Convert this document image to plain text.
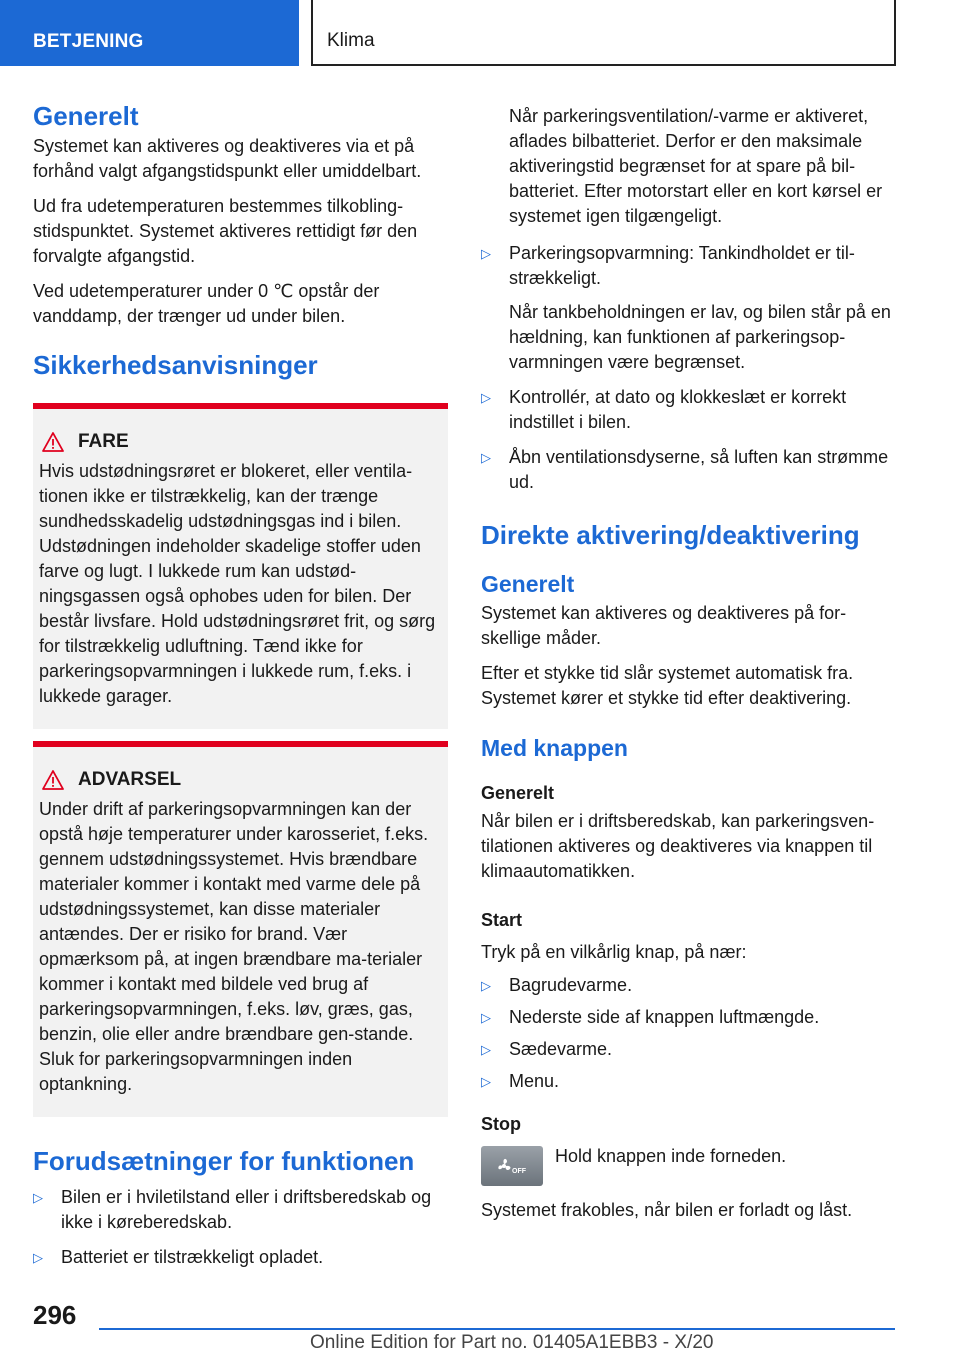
BETJENING	Klima
Generelt

Systemet kan aktiveres og deaktiveres via et på forhånd valgt afgangstidspunkt eller umiddelbart.

Ud fra udetemperaturen bestemmes tilkobling-stidspunktet. Systemet aktiveres rettidigt før den forvalgte afgangstid.

Ved udetemperaturer under 0 ℃ opstår der vanddamp, der trænger ud under bilen.

Sikkerhedsanvisninger
FARE
Hvis udstødningsrøret er blokeret, eller ventila-tionen ikke er tilstrækkelig, kan der trænge sundhedsskadelig udstødningsgas ind i bilen. Udstødningen indeholder skadelige stoffer uden farve og lugt. I lukkede rum kan udstød-ningsgassen også ophobes uden for bilen. Der består livsfare. Hold udstødningsrøret frit, og sørg for tilstrækkelig udluftning. Tænd ikke for parkeringsopvarmningen i lukkede rum, f.eks. i lukkede garager.
ADVARSEL
Under drift af parkeringsopvarmningen kan der opstå høje temperaturer under karosseriet, f.eks. gennem udstødningssystemet. Hvis brændbare materialer kommer i kontakt med varme dele på udstødningssystemet, kan disse materialer antændes. Der er risiko for brand. Vær opmærksom på, at ingen brændbare ma-terialer kommer i kontakt med bildele ved brug af parkeringsopvarmningen, f.eks. løv, græs, gas, benzin, olie eller andre brændbare gen-stande. Sluk for parkeringsopvarmningen inden optankning.
Forudsætninger for funktionen
▷ Bilen er i hviletilstand eller i driftsberedskab og ikke i køreberedskab.
▷ Batteriet er tilstrækkeligt opladet.

Når parkeringsventilation/-varme er aktiveret, aflades bilbatteriet. Derfor er den maksimale aktiveringstid begrænset for at spare på bil-batteriet. Efter motorstart eller en kort kørsel er systemet igen tilgængeligt.

▷ Parkeringsopvarmning: Tankindholdet er til-strækkeligt.
Når tankbeholdningen er lav, og bilen står på en hældning, kan funktionen af parkeringsop-varmningen være begrænset.
▷ Kontrollér, at dato og klokkeslæt er korrekt indstillet i bilen.
▷ Åbn ventilationsdyserne, så luften kan strømme ud.
Direkte aktivering/deaktivering
Generelt

Systemet kan aktiveres og deaktiveres på for-skellige måder.

Efter et stykke tid slår systemet automatisk fra. Systemet kører et stykke tid efter deaktivering.

Med knappen
Generelt

Når bilen er i driftsberedskab, kan parkeringsven-tilationen aktiveres og deaktiveres via knappen til klimaautomatikken.

Start

Tryk på en vilkårlig knap, på nær:

▷ Bagrudevarme.
▷ Nederste side af knappen luftmængde.
▷ Sædevarme.
▷ Menu.
Stop
OFF
Hold knappen inde forneden.

Systemet frakobles, når bilen er forladt og låst.

296
Online Edition for Part no. 01405A1EBB3 - X/20
